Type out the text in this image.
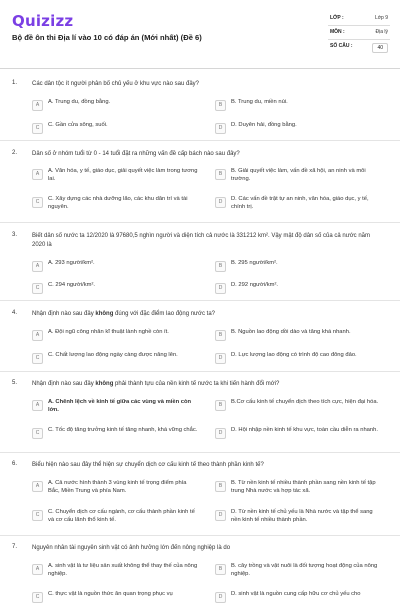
Quizizz
Bộ đề ôn thi Địa lí vào 10 có đáp án (Mới nhất) (Đề 6)
LỚP :	Lớp 9
MÔN :	Địa lý
SỐ CÂU :	40
1. Các dân tộc ít người phân bố chủ yếu ở khu vực nào sau đây?
A	A. Trung du, đồng bằng.	B	B. Trung du, miền núi.
C	C. Gần cửa sông, suối.	D	D. Duyên hải, đồng bằng.
2. Dân số ở nhóm tuổi từ 0 - 14 tuổi đặt ra những vấn đề cấp bách nào sau đây?
A	A. Văn hóa, y tế, giáo dục, giải quyết việc làm trong tương lai.
B	B. Giải quyết việc làm, vấn đề xã hội, an ninh và môi trường.
C	C. Xây dựng các nhà dưỡng lão, các khu dân trí và tài nguyên.
D	D. Các vấn đề trật tự an ninh, văn hóa, giáo dục, y tế, chính trị.
3. Biết dân số nước ta 12/2020 là 97680,5 nghìn người và diện tích cả nước là 331212 km². Vậy mật độ dân số của cả nước năm 2020 là
A	A. 293 người/km².	B	B. 295 người/km².
C	C. 294 người/km².	D	D. 292 người/km².
4. Nhận định nào sau đây không đúng với đặc điểm lao động nước ta?
A	A. Đội ngũ công nhân kĩ thuật lành nghề còn ít.	B	B. Nguồn lao động dồi dào và tăng khá nhanh.
C	C. Chất lượng lao động ngày càng được nâng lên.	D	D. Lực lượng lao động có trình độ cao đông đảo.
5. Nhận định nào sau đây không phải thành tựu của nền kinh tế nước ta khi tiến hành đổi mới?
A	A. Chênh lệch về kinh tế giữa các vùng và miền còn lớn.
B	B.Cơ cấu kinh tế chuyển dịch theo tích cực, hiện đại hóa.
C	C. Tốc độ tăng trưởng kinh tế tăng nhanh, khá vững chắc.	D	D. Hội nhập nền kinh tế khu vực, toàn cầu diễn ra nhanh.
6. Biểu hiện nào sau đây thể hiện sự chuyển dịch cơ cấu kinh tế theo thành phần kinh tế?
A	A. Cả nước hình thành 3 vùng kinh tế trọng điểm phía Bắc, Miền Trung và phía Nam.
B	B. Từ nền kinh tế nhiều thành phần sang nền kinh tế tập trung Nhà nước và hợp tác xã.
C	C. Chuyển dịch cơ cấu ngành, cơ cấu thành phần kinh tế và cơ cấu lãnh thổ kinh tế.
D	D. Từ nền kinh tế chủ yếu là Nhà nước và tập thể sang nền kinh tế nhiều thành phần.
7. Nguyên nhân tài nguyên sinh vật có ảnh hưởng lớn đến nông nghiệp là do
A	A. sinh vật là tư liệu sản xuất không thể thay thế của nông nghiệp.
B	B. cây trồng và vật nuôi là đối tượng hoạt động của nông nghiệp.
C	C. thực vật là nguồn thức ăn quan trọng phục vụ	D	D. sinh vật là nguồn cung cấp hữu cơ chủ yếu cho
